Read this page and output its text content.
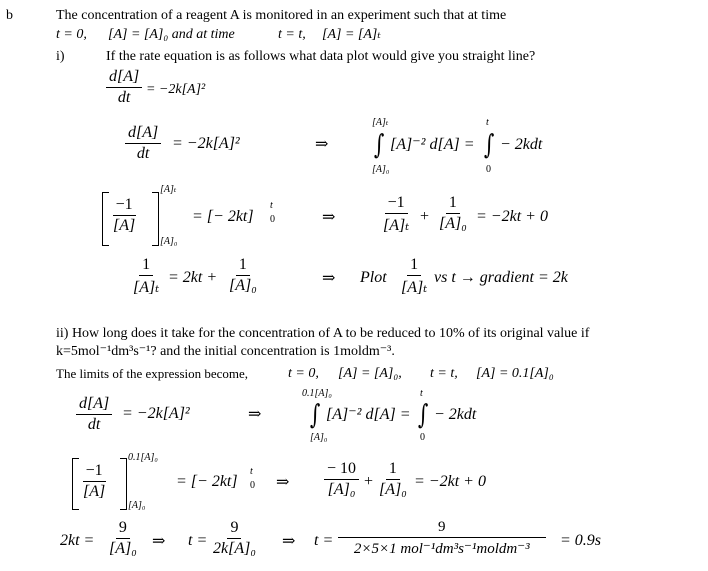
b	The concentration of a reagent A is monitored in an experiment such that at time
t = 0, [A] = [A]₀ and at time	t = t, [A] = [A]ₜ
i)	If the rate equation is as follows what data plot would give you straight line?
$\frac{d[A]}{dt} = -2k[A]^2$
$\frac{d[A]}{dt} = -2k[A]^2$	⇒
[A]ₜ
∫
[A]₀
[A]⁻² d[A] =
t
∫
0
− 2kdt
$\frac{-1}{[A]}$
[A]ₜ
[A]₀
= [− 2kt]
t
0	⇒	$\frac{-1}{\text{[A]ₜ}} + \frac{1}{\text{[A]₀}} = -2kt + 0$
$\frac{1}{\text{[A]ₜ}} = 2kt + \frac{1}{\text{[A]₀}}$	⇒ Plot $\frac{1}{\text{[A]ₜ}}$ vs t → gradient = 2k
ii) How long does it take for the concentration of A to be reduced to 10% of its original value if
k=5mol⁻¹dm³s⁻¹? and the initial concentration is 1moldm⁻³.
The limits of the expression become,	t = 0, [A] = [A]₀, t = t, [A] = 0.1[A]₀
$\frac{d[A]}{dt} = -2k[A]^2$	⇒
0.1[A]₀
∫
[A]₀
[A]⁻² d[A] =
t
∫
0
− 2kdt
$\frac{-1}{[A]}$
0.1[A]₀
[A]₀
= [− 2kt]
t
0 ⇒ $\frac{- 10}{\text{[A]₀}} + \frac{1}{\text{[A]₀}} = -2kt + 0$
$2kt = \frac{9}{\text{[A]₀}}$ ⇒ $t = \frac{9}{\text{2k[A]₀}}$ ⇒ t =
9
2×5×1 mol⁻¹dm³s⁻¹moldm⁻³ = 0.9s
